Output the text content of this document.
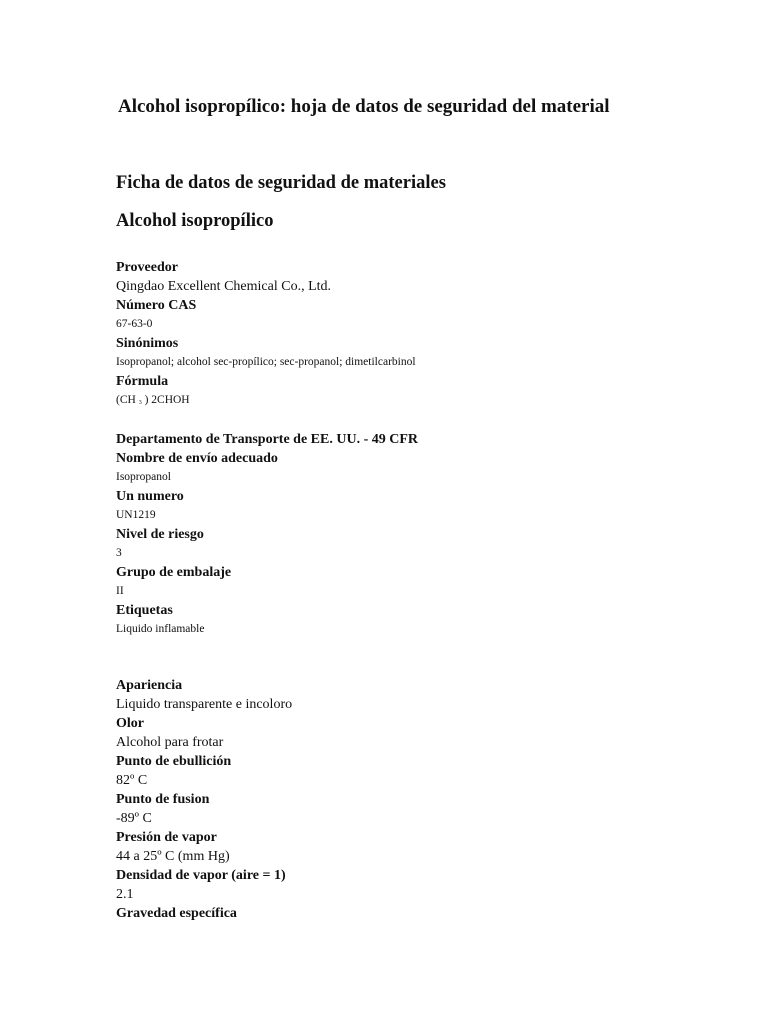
Alcohol isopropílico: hoja de datos de seguridad del material
Ficha de datos de seguridad de materiales
Alcohol isopropílico
Proveedor
Qingdao Excellent Chemical Co., Ltd.
Número CAS
67-63-0
Sinónimos
Isopropanol; alcohol sec-propílico; sec-propanol; dimetilcarbinol
Fórmula
(CH 3 ) 2CHOH
Departamento de Transporte de EE. UU. - 49 CFR
Nombre de envío adecuado
Isopropanol
Un numero
UN1219
Nivel de riesgo
3
Grupo de embalaje
II
Etiquetas
Liquido inflamable
Apariencia
Liquido transparente e incoloro
Olor
Alcohol para frotar
Punto de ebullición
82º C
Punto de fusion
-89º C
Presión de vapor
44 a 25º C (mm Hg)
Densidad de vapor (aire = 1)
2.1
Gravedad específica
